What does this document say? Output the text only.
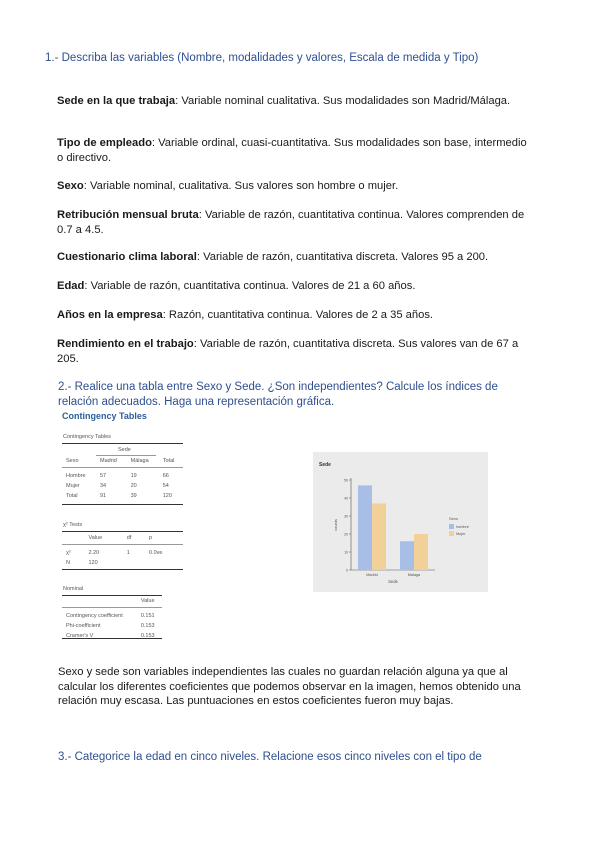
1.- Describa las variables (Nombre, modalidades y valores, Escala de medida y Tipo)
Sede en la que trabaja: Variable nominal cualitativa. Sus modalidades son Madrid/Málaga.
Tipo de empleado: Variable ordinal, cuasi-cuantitativa. Sus modalidades son base, intermedio o directivo.
Sexo: Variable nominal, cualitativa. Sus valores son hombre o mujer.
Retribución mensual bruta: Variable de razón, cuantitativa continua. Valores comprenden de 0.7 a 4.5.
Cuestionario clima laboral: Variable de razón, cuantitativa discreta. Valores 95 a 200.
Edad: Variable de razón, cuantitativa continua. Valores de 21 a 60 años.
Años en la empresa: Razón, cuantitativa continua. Valores de 2 a 35 años.
Rendimiento en el trabajo: Variable de razón, cuantitativa discreta. Sus valores van de 67 a 205.
2.- Realice una tabla entre Sexo y Sede. ¿Son independientes? Calcule los índices de relación adecuados. Haga una representación gráfica.
Contingency Tables
Contingency Tables
Sede
Sexo	Madrid	Málaga	Total

Hombre	57	19	66
Mujer	34	20	54
Total	91	39	120
χ² Tests
	Value	df	p

χ²	2.20	1	0.0ve
N	120		
Nominal
	Value

Contingency coefficient	0.151
Phi-coefficient	0.153
Cramer's V	0.153
Sede
0
10
20
30
40
50
counts
Madrid	Málaga
Sede
Sexo
hombre
Mujer
Sexo y sede son variables independientes las cuales no guardan relación alguna ya que al calcular los diferentes coeficientes que podemos observar en la imagen, hemos obtenido una relación muy escasa. Las puntuaciones en estos coeficientes fueron muy bajas.
3.- Categorice la edad en cinco niveles. Relacione esos cinco niveles con el tipo de
